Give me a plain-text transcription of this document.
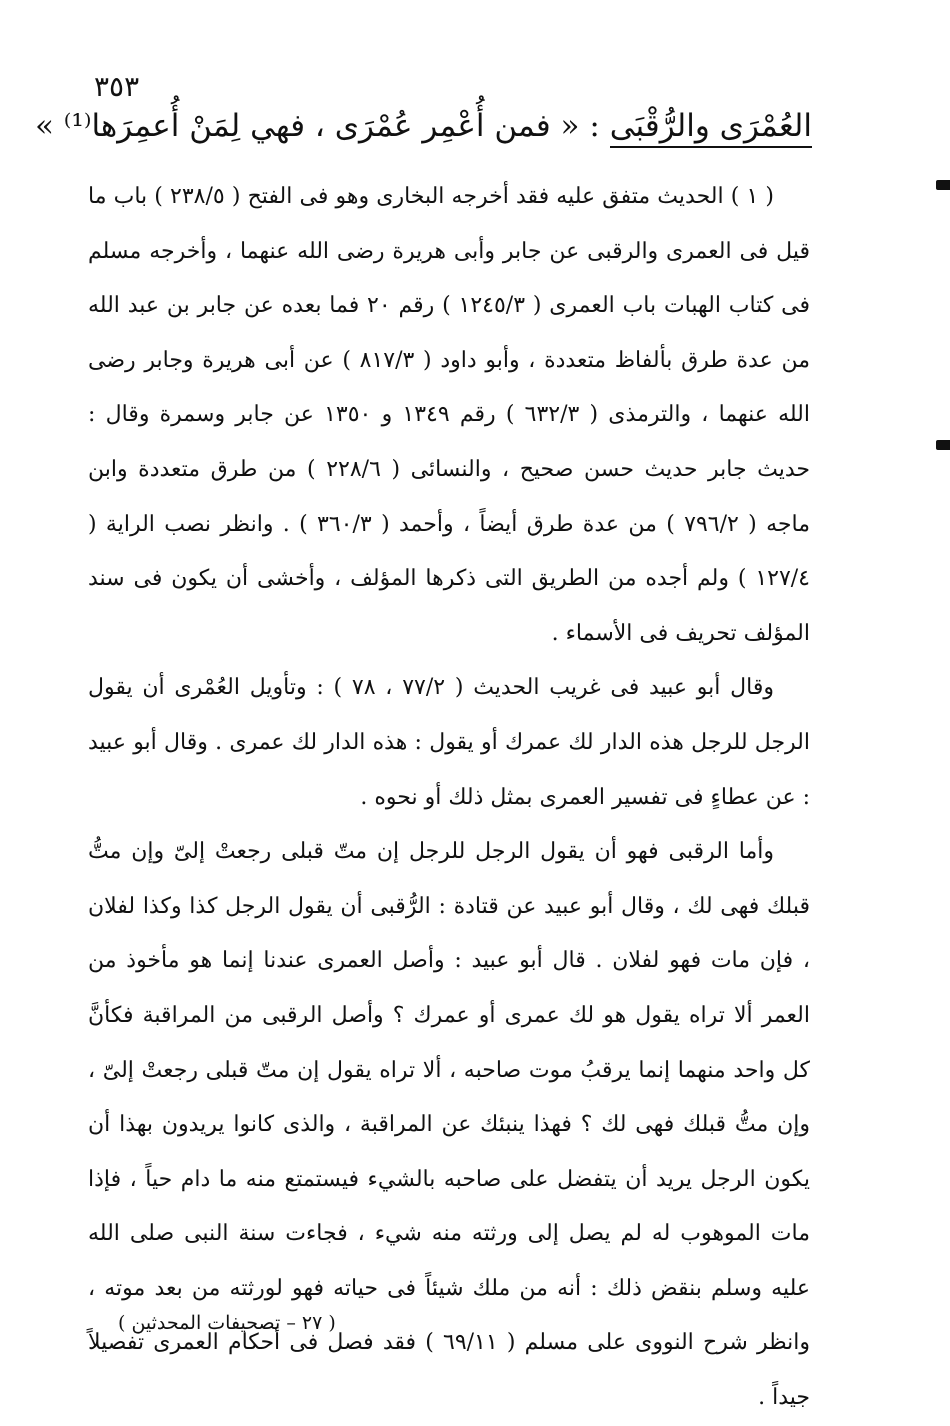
٣٥٣
العُمْرَى والرُّقْبَى : « فمن أُعْمِر عُمْرَى ، فهي لِمَنْ أُعمِرَها⁽¹⁾ »

( ١ ) الحديث متفق عليه فقد أخرجه البخارى وهو فى الفتح ( ٢٣٨/٥ ) باب ما قيل فى العمرى والرقبى عن جابر وأبى هريرة رضى الله عنهما ، وأخرجه مسلم فى كتاب الهبات باب العمرى ( ١٢٤٥/٣ ) رقم ٢٠ فما بعده عن جابر بن عبد الله من عدة طرق بألفاظ متعددة ، وأبو داود ( ٨١٧/٣ ) عن أبى هريرة وجابر رضى الله عنهما ، والترمذى ( ٦٣٢/٣ ) رقم ١٣٤٩ و ١٣٥٠ عن جابر وسمرة وقال : حديث جابر حديث حسن صحيح ، والنسائى ( ٢٢٨/٦ ) من طرق متعددة وابن ماجه ( ٧٩٦/٢ ) من عدة طرق أيضاً ، وأحمد ( ٣٦٠/٣ ) . وانظر نصب الراية ( ١٢٧/٤ ) ولم أجده من الطريق التى ذكرها المؤلف ، وأخشى أن يكون فى سند المؤلف تحريف فى الأسماء .

وقال أبو عبيد فى غريب الحديث ( ٧٧/٢ ، ٧٨ ) : وتأويل العُمْرى أن يقول الرجل للرجل هذه الدار لك عمرك أو يقول : هذه الدار لك عمرى . وقال أبو عبيد : عن عطاءٍ فى تفسير العمرى بمثل ذلك أو نحوه .

وأما الرقبى فهو أن يقول الرجل للرجل إن متّ قبلى رجعتْ إلىّ وإن متُّ قبلك فهى لك ، وقال أبو عبيد عن قتادة : الرُّقبى أن يقول الرجل كذا وكذا لفلان ، فإن مات فهو لفلان . قال أبو عبيد : وأصل العمرى عندنا إنما هو مأخوذ من العمر ألا تراه يقول هو لك عمرى أو عمرك ؟ وأصل الرقبى من المراقبة فكأنَّ كل واحد منهما إنما يرقبُ موت صاحبه ، ألا تراه يقول إن متّ قبلى رجعتْ إلىّ ، وإن متُّ قبلك فهى لك ؟ فهذا ينبئك عن المراقبة ، والذى كانوا يريدون بهذا أن يكون الرجل يريد أن يتفضل على صاحبه بالشيء فيستمتع منه ما دام حياً ، فإذا مات الموهوب له لم يصل إلى ورثته منه شيء ، فجاءت سنة النبى صلى الله عليه وسلم بنقض ذلك : أنه من ملك شيئاً فى حياته فهو لورثته من بعد موته ، وانظر شرح النووى على مسلم ( ٦٩/١١ ) فقد فصل فى أحكام العمرى تفصيلاً جيداً .

( ٢٧ – تصحيفات المحدثين )
